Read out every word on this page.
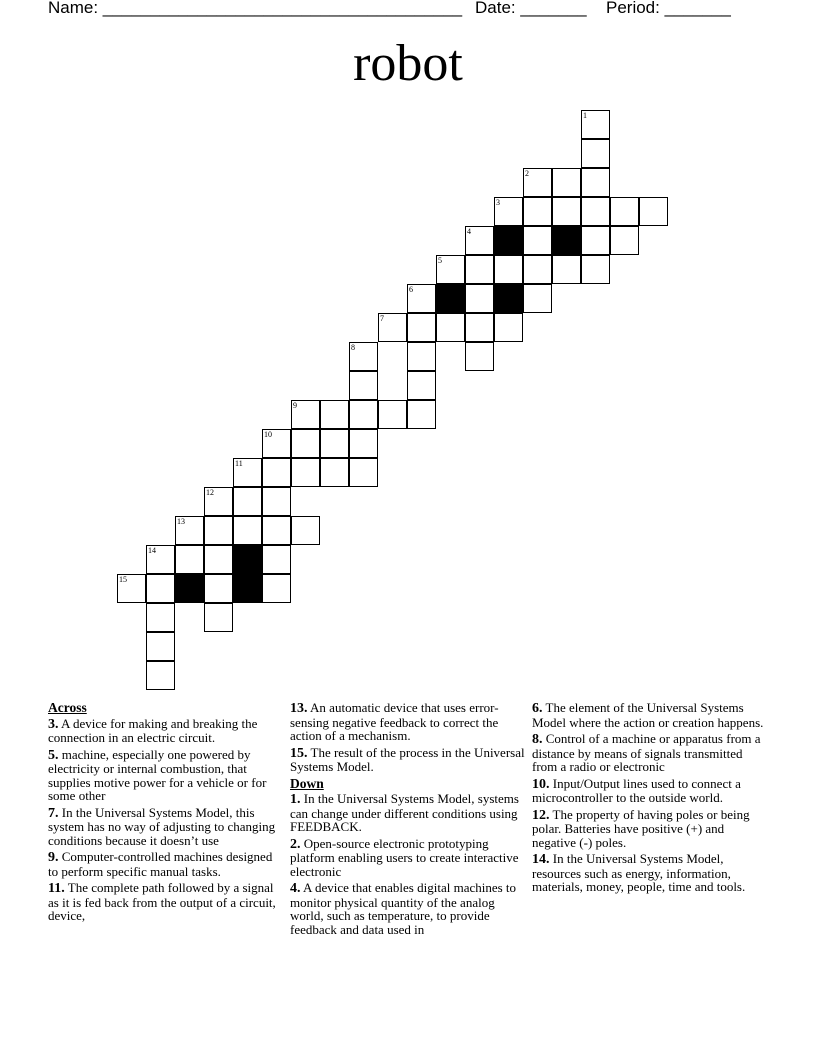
Name: ______________________________________ Date: _______ Period: _______
robot
1
2
3
4
5
6
7
8
9
10
11
12
13
14
15
Across
3. A device for making and breaking the connection in an electric circuit.
5. machine, especially one powered by electricity or internal combustion, that supplies motive power for a vehicle or for some other
7. In the Universal Systems Model, this system has no way of adjusting to changing conditions because it doesn’t use
9. Computer-controlled machines designed to perform specific manual tasks.
11. The complete path followed by a signal as it is fed back from the output of a circuit, device,
13. An automatic device that uses error-sensing negative feedback to correct the action of a mechanism.
15. The result of the process in the Universal Systems Model.
Down
1. In the Universal Systems Model, systems can change under different conditions using FEEDBACK.
2. Open-source electronic prototyping platform enabling users to create interactive electronic
4. A device that enables digital machines to monitor physical quantity of the analog world, such as temperature, to provide feedback and data used in
6. The element of the Universal Systems Model where the action or creation happens.
8. Control of a machine or apparatus from a distance by means of signals transmitted from a radio or electronic
10. Input/Output lines used to connect a microcontroller to the outside world.
12. The property of having poles or being polar. Batteries have positive (+) and negative (-) poles.
14. In the Universal Systems Model, resources such as energy, information, materials, money, people, time and tools.
